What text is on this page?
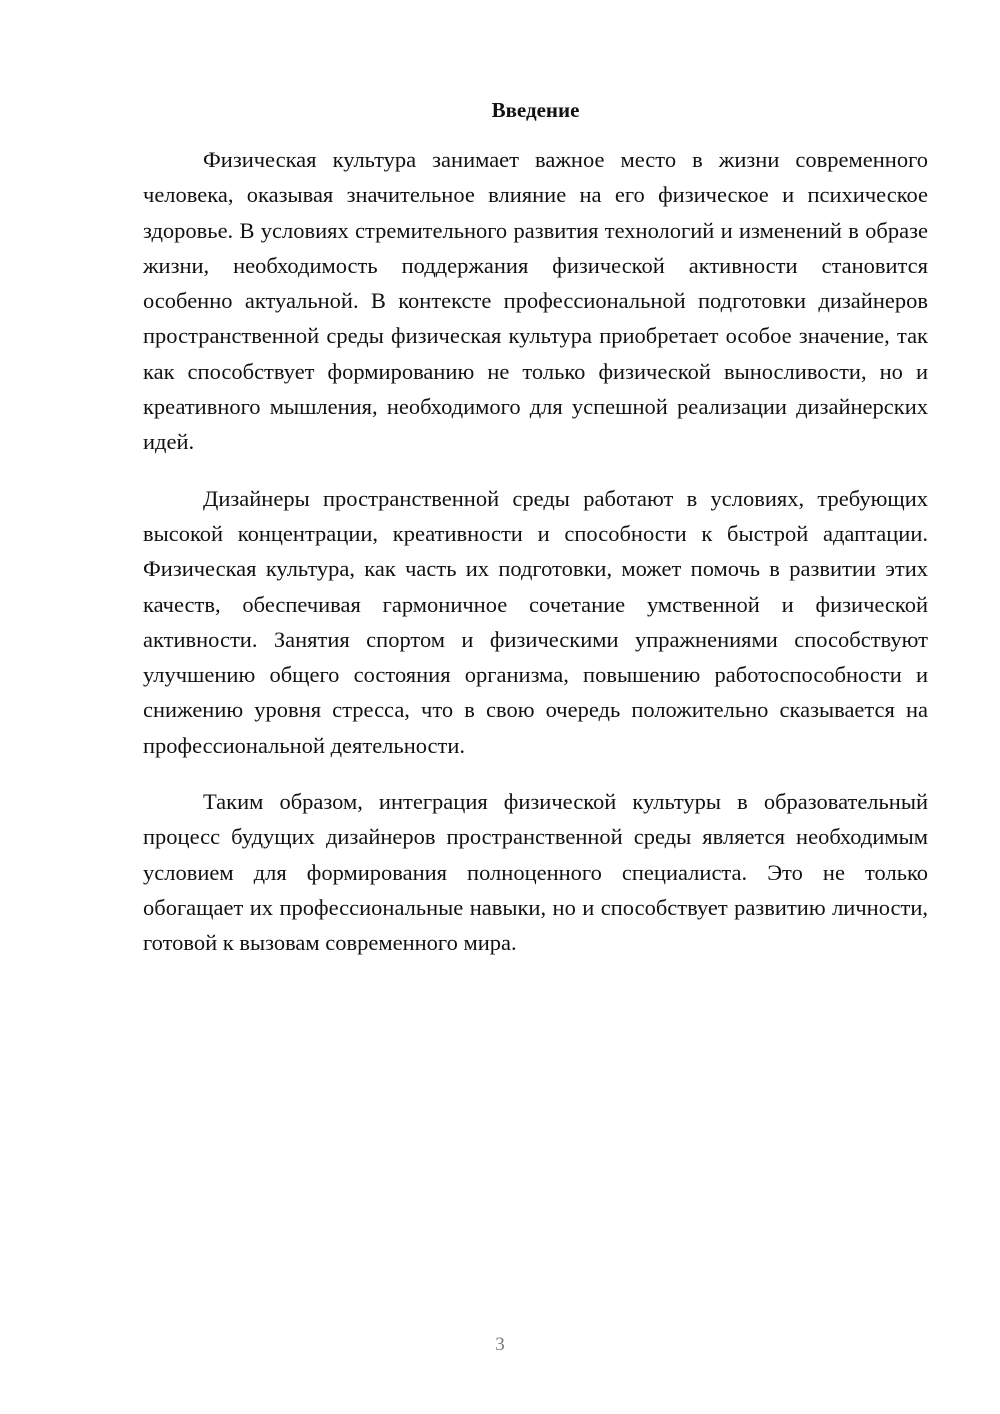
Введение

Физическая культура занимает важное место в жизни современного человека, оказывая значительное влияние на его физическое и психическое здоровье. В условиях стремительного развития технологий и изменений в образе жизни, необходимость поддержания физической активности становится особенно актуальной. В контексте профессиональной подготовки дизайнеров пространственной среды физическая культура приобретает особое значение, так как способствует формированию не только физической выносливости, но и креативного мышления, необходимого для успешной реализации дизайнерских идей.

Дизайнеры пространственной среды работают в условиях, требующих высокой концентрации, креативности и способности к быстрой адаптации. Физическая культура, как часть их подготовки, может помочь в развитии этих качеств, обеспечивая гармоничное сочетание умственной и физической активности. Занятия спортом и физическими упражнениями способствуют улучшению общего состояния организма, повышению работоспособности и снижению уровня стресса, что в свою очередь положительно сказывается на профессиональной деятельности.

Таким образом, интеграция физической культуры в образовательный процесс будущих дизайнеров пространственной среды является необходимым условием для формирования полноценного специалиста. Это не только обогащает их профессиональные навыки, но и способствует развитию личности, готовой к вызовам современного мира.

3
